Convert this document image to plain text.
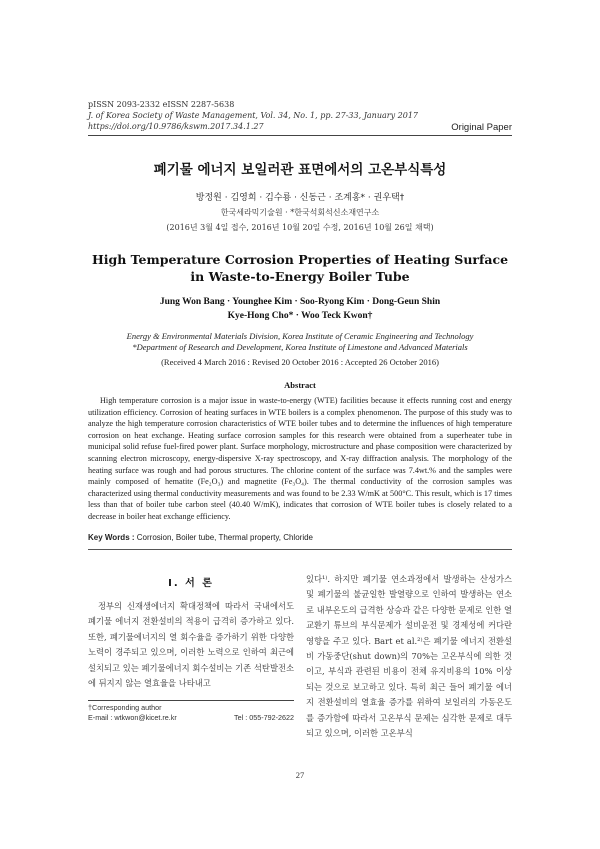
pISSN 2093-2332 eISSN 2287-5638
J. of Korea Society of Waste Management, Vol. 34, No. 1, pp. 27-33, January 2017
https://doi.org/10.9786/kswm.2017.34.1.27	Original Paper
폐기물 에너지 보일러관 표면에서의 고온부식특성
방정원 · 김영희 · 김수룡 · 신동근 · 조계홍* · 권우택†
한국세라믹기술원 · *한국석회석신소재연구소
(2016년 3월 4일 접수, 2016년 10월 20일 수정, 2016년 10월 26일 채택)
High Temperature Corrosion Properties of Heating Surface
in Waste-to-Energy Boiler Tube
Jung Won Bang · Younghee Kim · Soo-Ryong Kim · Dong-Geun Shin
Kye-Hong Cho* · Woo Teck Kwon†
Energy & Environmental Materials Division, Korea Institute of Ceramic Engineering and Technology
*Department of Research and Development, Korea Institute of Limestone and Advanced Materials
(Received 4 March 2016 : Revised 20 October 2016 : Accepted 26 October 2016)
Abstract
High temperature corrosion is a major issue in waste-to-energy (WTE) facilities because it effects running cost and energy utilization efficiency. Corrosion of heating surfaces in WTE boilers is a complex phenomenon. The purpose of this study was to analyze the high temperature corrosion characteristics of WTE boiler tubes and to determine the influences of high temperature corrosion on heat exchange. Heating surface corrosion samples for this research were obtained from a superheater tube in municipal solid refuse fuel-fired power plant. Surface morphology, microstructure and phase composition were characterized by scanning electron microscopy, energy-dispersive X-ray spectroscopy, and X-ray diffraction analysis. The morphology of the heating surface was rough and had porous structures. The chlorine content of the surface was 7.4wt.% and the samples were mainly composed of hematite (Fe₂O₃) and magnetite (Fe₃O₄). The thermal conductivity of the corrosion samples was characterized using thermal conductivity measurements and was found to be 2.33 W/mK at 500°C. This result, which is 17 times less than that of boiler tube carbon steel (40.40 W/mK), indicates that corrosion of WTE boiler tubes is closely related to a decrease in boiler heat exchange efficiency.
Key Words : Corrosion, Boiler tube, Thermal property, Chloride
I. 서 론
정부의 신재생에너지 확대정책에 따라서 국내에서도 폐기물 에너지 전환설비의 적용이 급격히 증가하고 있다. 또한, 폐기물에너지의 열 회수율을 증가하기 위한 다양한 노력이 경주되고 있으며, 이러한 노력으로 인하여 최근에 설치되고 있는 폐기물에너지 회수설비는 기존 석탄발전소에 뒤지지 않는 열효율을 나타내고
있다¹⁾. 하지만 폐기물 연소과정에서 발생하는 산성가스 및 폐기물의 불균일한 발열량으로 인하여 발생하는 연소로 내부온도의 급격한 상승과 같은 다양한 문제로 인한 열교환기 튜브의 부식문제가 설비운전 및 경제성에 커다란 영향을 주고 있다. Bart et al.²⁾은 폐기물 에너지 전환설비 가동중단(shut down)의 70%는 고온부식에 의한 것이고, 부식과 관련된 비용이 전체 유지비용의 10% 이상 되는 것으로 보고하고 있다. 특히 최근 들어 폐기물 에너지 전환설비의 열효율 증가를 위하여 보일러의 가동온도를 증가함에 따라서 고온부식 문제는 심각한 문제로 대두되고 있으며, 이러한 고온부식
†Corresponding author
E-mail : wtkwon@kicet.re.kr	Tel : 055-792-2622
27
